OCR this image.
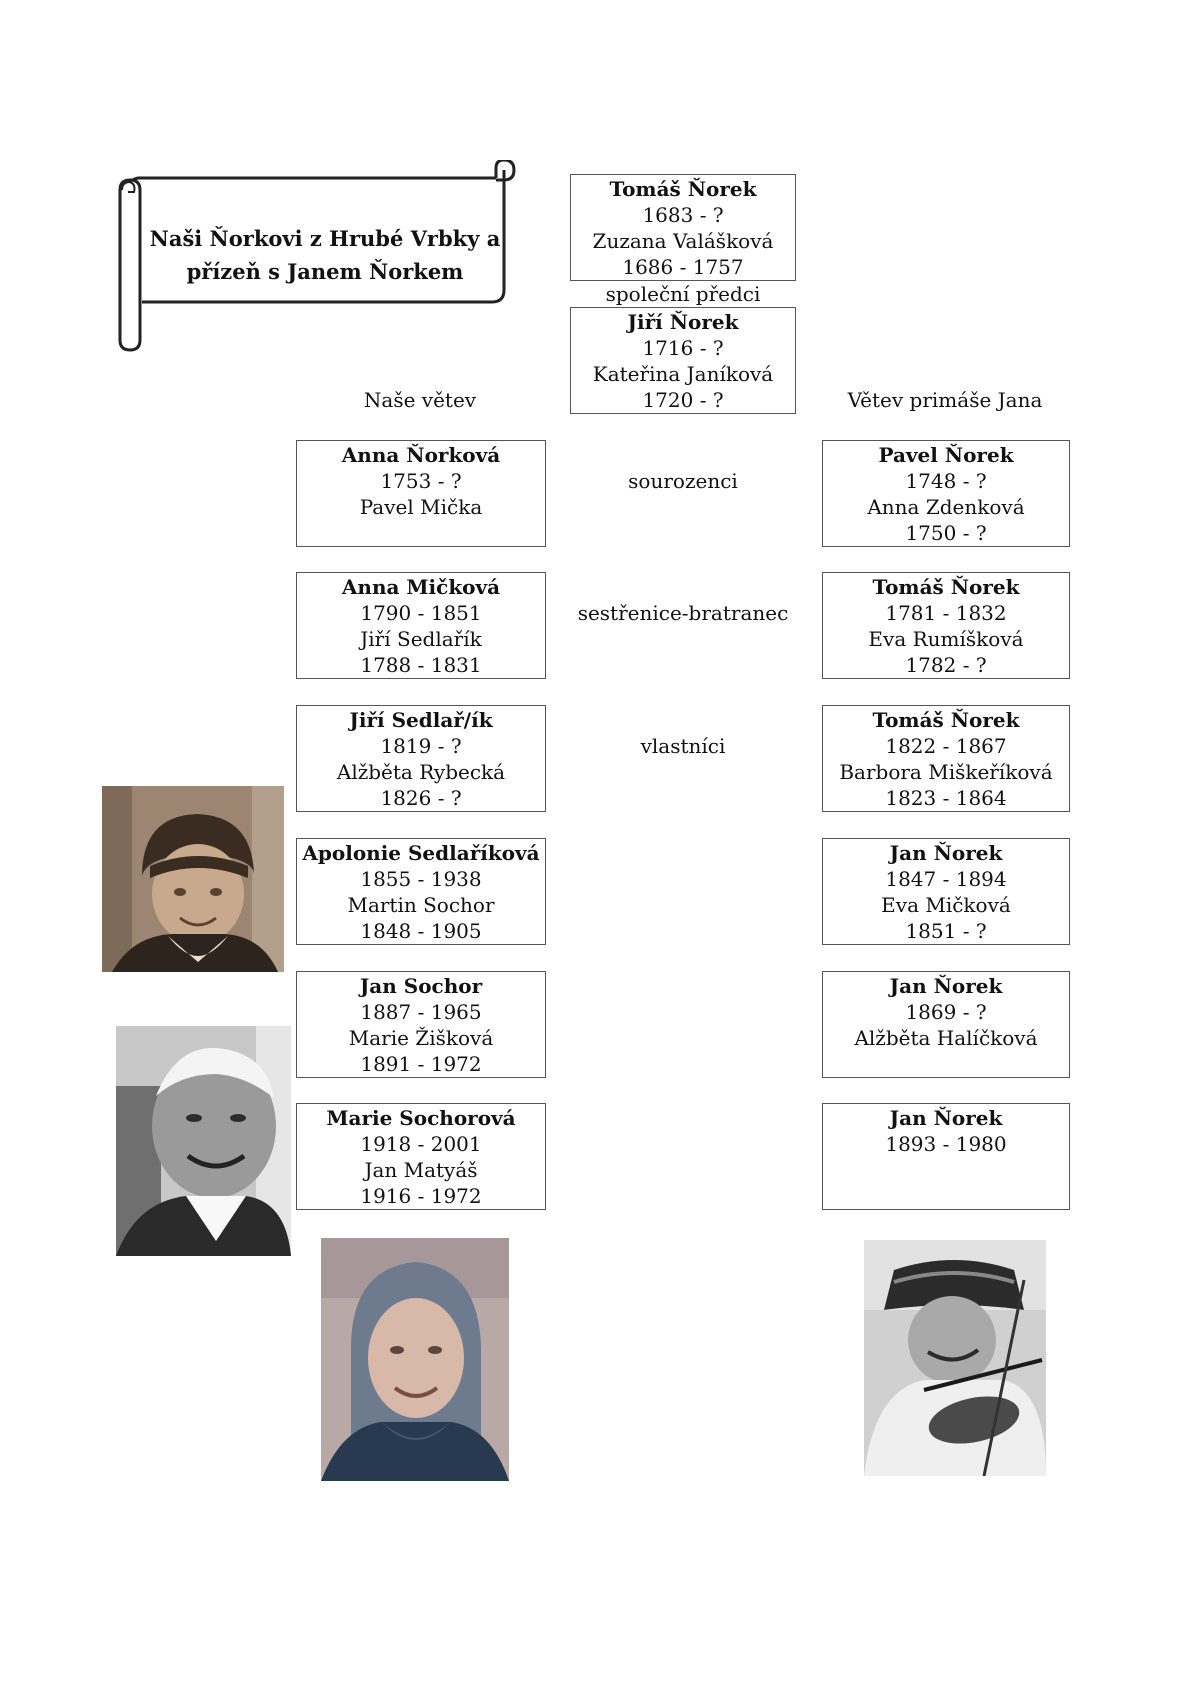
Naši Ňorkovi z Hrubé Vrbky a přízeň s Janem Ňorkem
Tomáš Ňorek
1683 - ?
Zuzana Valášková
1686 - 1757
společní předci
Jiří Ňorek
1716 - ?
Kateřina Janíková
1720 - ?
Naše větev	Větev primáše Jana
Anna Ňorková
1753 - ?
Pavel Mička
sourozenci
Pavel Ňorek
1748 - ?
Anna Zdenková
1750 - ?
Anna Mičková
1790 - 1851
Jiří Sedlařík
1788 - 1831
sestřenice-bratranec
Tomáš Ňorek
1781 - 1832
Eva Rumíšková
1782 - ?
Jiří Sedlař/ík
1819 - ?
Alžběta Rybecká
1826 - ?
vlastníci
Tomáš Ňorek
1822 - 1867
Barbora Miškeříková
1823 - 1864
Apolonie Sedlaříková
1855 - 1938
Martin Sochor
1848 - 1905
Jan Ňorek
1847 - 1894
Eva Mičková
1851 - ?
Jan Sochor
1887 - 1965
Marie Žišková
1891 - 1972
Jan Ňorek
1869 - ?
Alžběta Halíčková
Marie Sochorová
1918 - 2001
Jan Matyáš
1916 - 1972
Jan Ňorek
1893 - 1980
